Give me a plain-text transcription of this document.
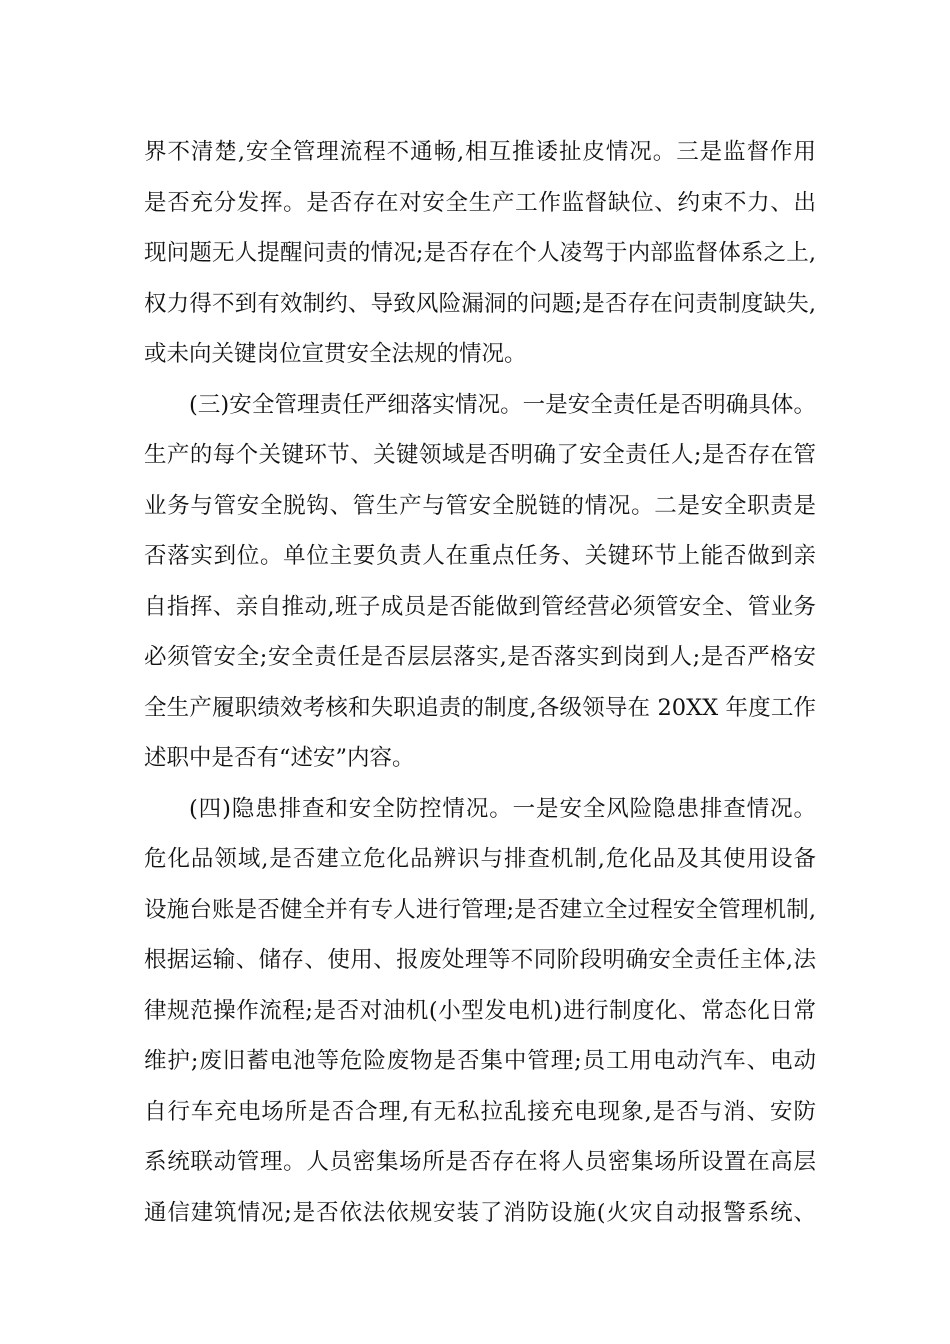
界不清楚,安全管理流程不通畅,相互推诿扯皮情况。三是监督作用
是否充分发挥。是否存在对安全生产工作监督缺位、约束不力、出
现问题无人提醒问责的情况;是否存在个人凌驾于内部监督体系之上,
权力得不到有效制约、导致风险漏洞的问题;是否存在问责制度缺失,
或未向关键岗位宣贯安全法规的情况。
(三)安全管理责任严细落实情况。一是安全责任是否明确具体。
生产的每个关键环节、关键领域是否明确了安全责任人;是否存在管
业务与管安全脱钩、管生产与管安全脱链的情况。二是安全职责是
否落实到位。单位主要负责人在重点任务、关键环节上能否做到亲
自指挥、亲自推动,班子成员是否能做到管经营必须管安全、管业务
必须管安全;安全责任是否层层落实,是否落实到岗到人;是否严格安
全生产履职绩效考核和失职追责的制度,各级领导在 20XX 年度工作
述职中是否有“述安”内容。
(四)隐患排查和安全防控情况。一是安全风险隐患排查情况。
危化品领域,是否建立危化品辨识与排查机制,危化品及其使用设备
设施台账是否健全并有专人进行管理;是否建立全过程安全管理机制,
根据运输、储存、使用、报废处理等不同阶段明确安全责任主体,法
律规范操作流程;是否对油机(小型发电机)进行制度化、常态化日常
维护;废旧蓄电池等危险废物是否集中管理;员工用电动汽车、电动
自行车充电场所是否合理,有无私拉乱接充电现象,是否与消、安防
系统联动管理。人员密集场所是否存在将人员密集场所设置在高层
通信建筑情况;是否依法依规安装了消防设施(火灾自动报警系统、
